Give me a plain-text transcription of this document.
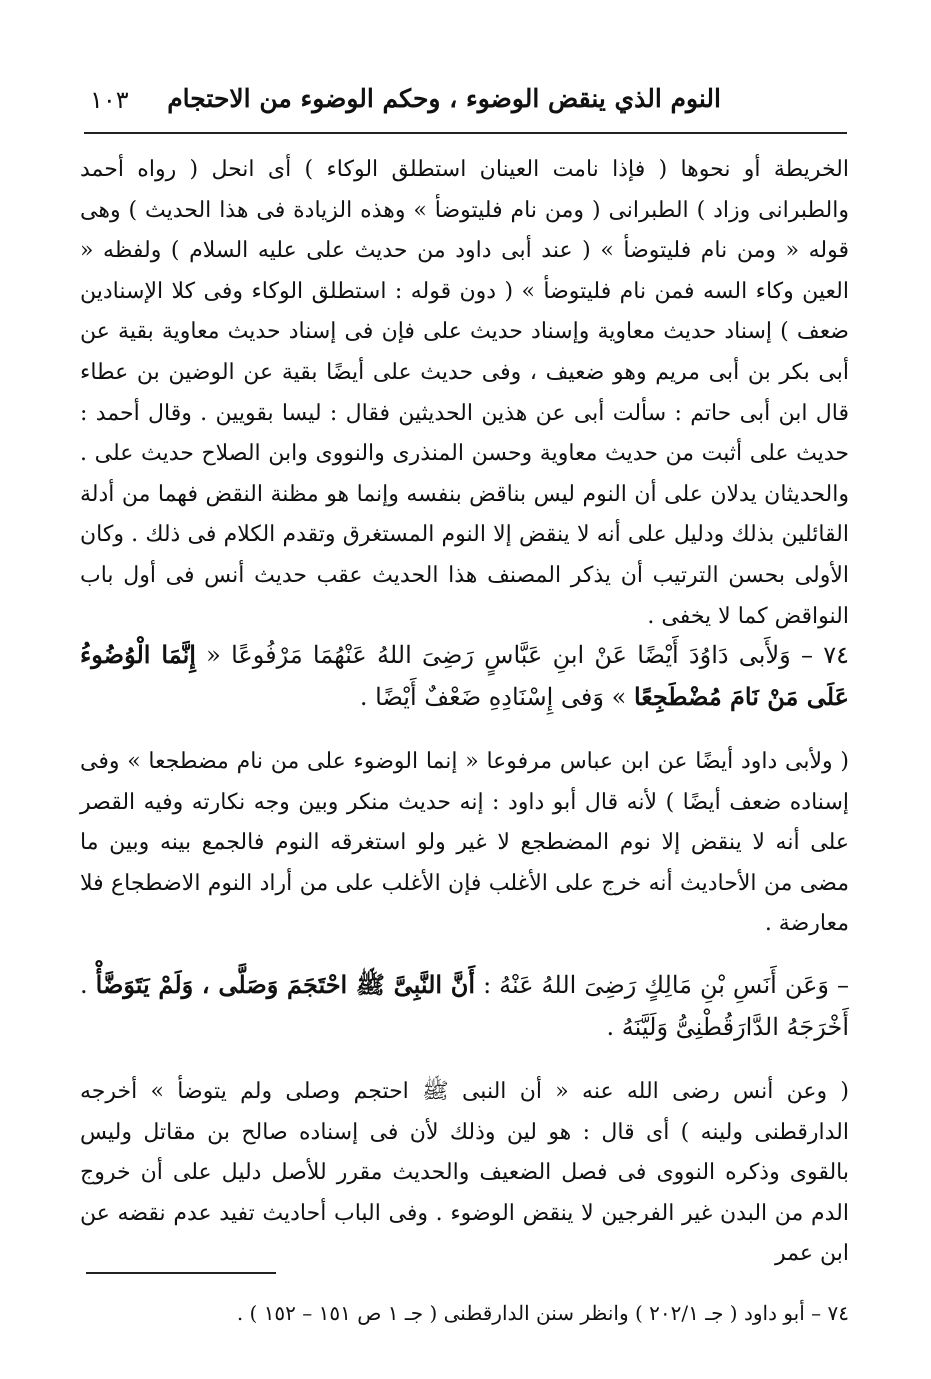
النوم الذي ينقض الوضوء ، وحكم الوضوء من الاحتجام
١٠٣

الخريطة أو نحوها ( فإذا نامت العينان استطلق الوكاء ) أى انحل ( رواه أحمد والطبرانى وزاد ) الطبرانى ( ومن نام فليتوضأ » وهذه الزيادة فى هذا الحديث ) وهى قوله « ومن نام فليتوضأ » ( عند أبى داود من حديث على عليه السلام ) ولفظه « العين وكاء السه فمن نام فليتوضأ » ( دون قوله : استطلق الوكاء وفى كلا الإسنادين ضعف ) إسناد حديث معاوية وإسناد حديث على فإن فى إسناد حديث معاوية بقية عن أبى بكر بن أبى مريم وهو ضعيف ، وفى حديث على أيضًا بقية عن الوضين بن عطاء قال ابن أبى حاتم : سألت أبى عن هذين الحديثين فقال : ليسا بقويين . وقال أحمد : حديث على أثبت من حديث معاوية وحسن المنذرى والنووى وابن الصلاح حديث على . والحديثان يدلان على أن النوم ليس بناقض بنفسه وإنما هو مظنة النقض فهما من أدلة القائلين بذلك ودليل على أنه لا ينقض إلا النوم المستغرق وتقدم الكلام فى ذلك . وكان الأولى بحسن الترتيب أن يذكر المصنف هذا الحديث عقب حديث أنس فى أول باب النواقض كما لا يخفى .

٧٤ – وَلأَبى دَاوُدَ أَيْضًا عَنْ ابنِ عَبَّاسٍ رَضِىَ اللهُ عَنْهُمَا مَرْفُوعًا « إِنَّمَا الْوُضُوءُ عَلَى مَنْ نَامَ مُضْطَجِعًا » وَفى إِسْنَادِهِ ضَعْفٌ أَيْضًا .

( ولأبى داود أيضًا عن ابن عباس مرفوعا « إنما الوضوء على من نام مضطجعا » وفى إسناده ضعف أيضًا ) لأنه قال أبو داود : إنه حديث منكر وبين وجه نكارته وفيه القصر على أنه لا ينقض إلا نوم المضطجع لا غير ولو استغرقه النوم فالجمع بينه وبين ما مضى من الأحاديث أنه خرج على الأغلب فإن الأغلب على من أراد النوم الاضطجاع فلا معارضة .

– وَعَن أَنَسِ بْنِ مَالِكٍ رَضِىَ اللهُ عَنْهُ : أَنَّ النَّبِىَّ ﷺ احْتَجَمَ وَصَلَّى ، وَلَمْ يَتَوَضَّأْ . أَخْرَجَهُ الدَّارَقُطْنِىُّ وَلَيَّنَهُ .

( وعن أنس رضى الله عنه « أن النبى ﷺ احتجم وصلى ولم يتوضأ » أخرجه الدارقطنى ولينه ) أى قال : هو لين وذلك لأن فى إسناده صالح بن مقاتل وليس بالقوى وذكره النووى فى فصل الضعيف والحديث مقرر للأصل دليل على أن خروج الدم من البدن غير الفرجين لا ينقض الوضوء . وفى الباب أحاديث تفيد عدم نقضه عن ابن عمر

٧٤ – أبو داود ( جـ ٢٠٢/١ ) وانظر سنن الدارقطنى ( جـ ١ ص ١٥١ – ١٥٢ ) .
